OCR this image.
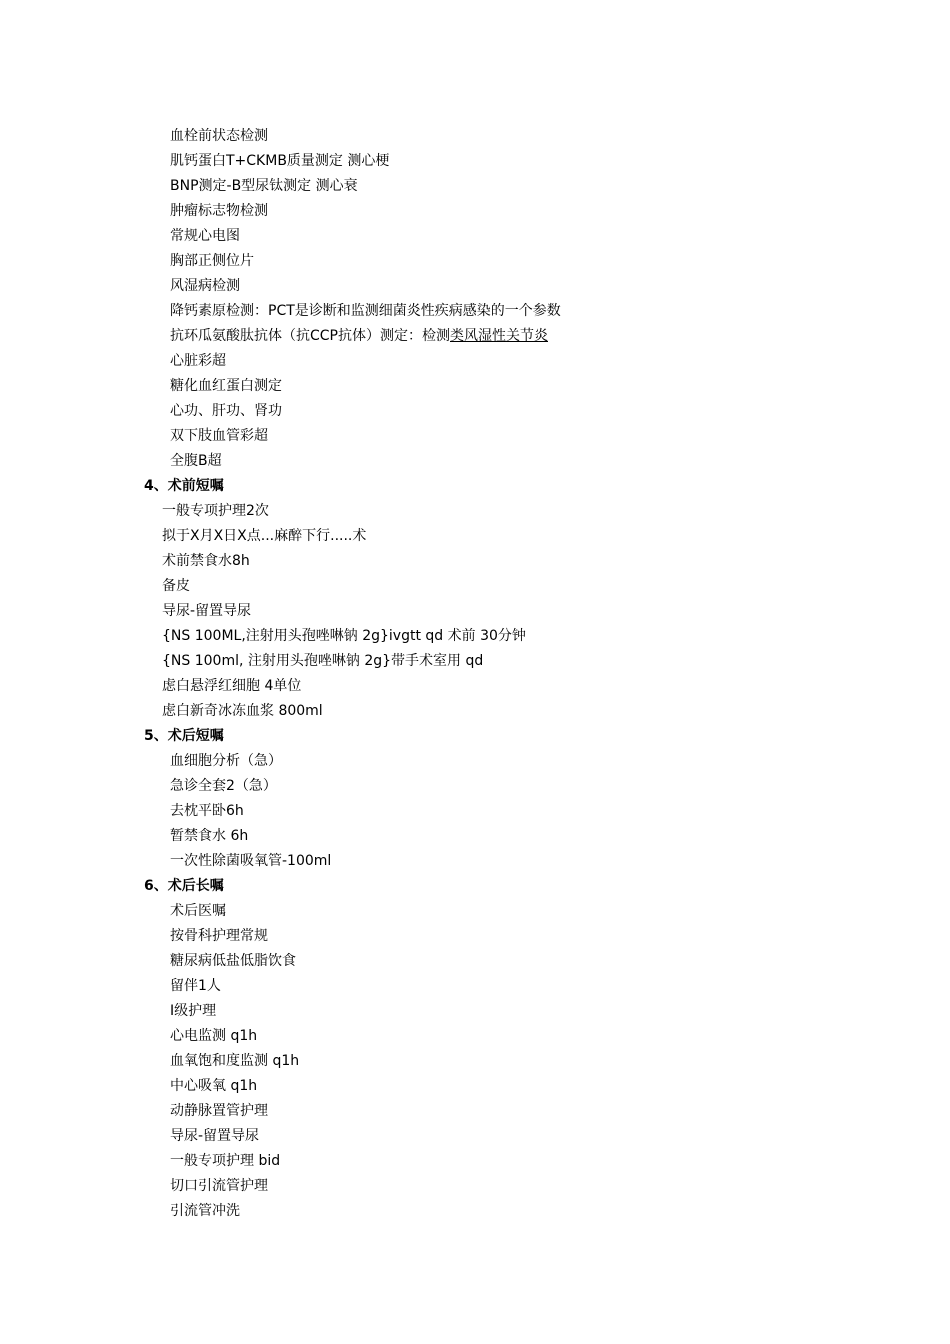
血栓前状态检测
肌钙蛋白T+CKMB质量测定 测心梗
BNP测定-B型尿钛测定 测心衰
肿瘤标志物检测
常规心电图
胸部正侧位片
风湿病检测
降钙素原检测：PCT是诊断和监测细菌炎性疾病感染的一个参数
抗环瓜氨酸肽抗体（抗CCP抗体）测定：检测类风湿性关节炎
心脏彩超
糖化血红蛋白测定
心功、肝功、肾功
双下肢血管彩超
全腹B超
4、术前短嘱
一般专项护理2次
拟于X月X日X点...麻醉下行.....术
术前禁食水8h
备皮
导尿-留置导尿
{NS 100ML,注射用头孢唑啉钠 2g}ivgtt qd 术前 30分钟
{NS 100ml, 注射用头孢唑啉钠 2g}带手术室用 qd
虑白悬浮红细胞 4单位
虑白新奇冰冻血浆 800ml
5、术后短嘱
血细胞分析（急）
急诊全套2（急）
去枕平卧6h
暂禁食水 6h
一次性除菌吸氧管-100ml
6、术后长嘱
术后医嘱
按骨科护理常规
糖尿病低盐低脂饮食
留伴1人
I级护理
心电监测 q1h
血氧饱和度监测 q1h
中心吸氧 q1h
动静脉置管护理
导尿-留置导尿
一般专项护理 bid
切口引流管护理
引流管冲洗
